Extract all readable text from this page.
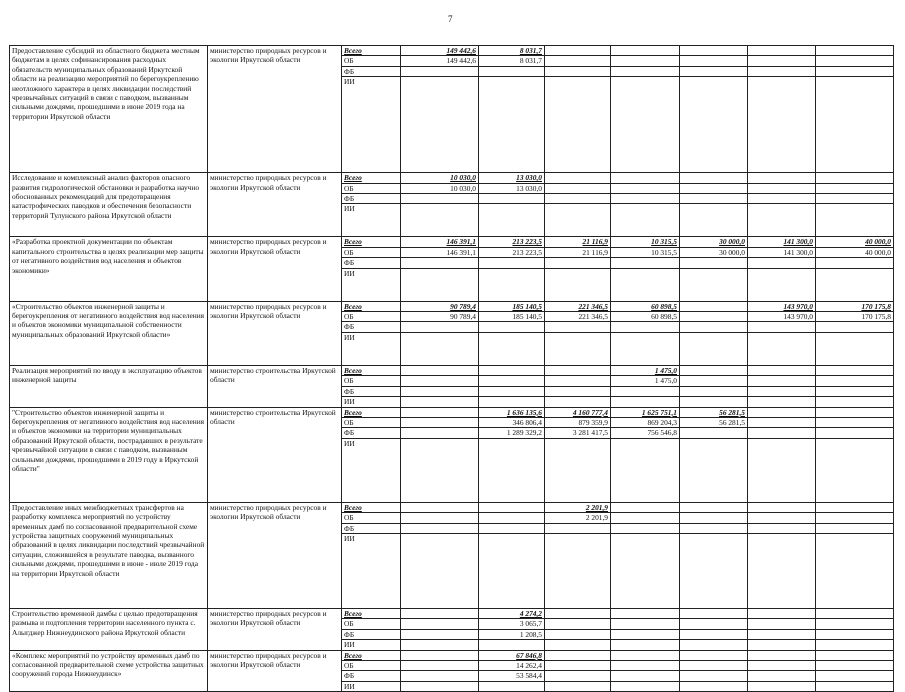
7
Предоставление субсидий из областного бюджета местным бюджетам в целях софинансирования расходных обязательств муниципальных образований Иркутской области на реализацию мероприятий по берегоукреплению неотложного характера в целях ликвидации последствий чрезвычайных ситуаций в связи с паводком, вызванным сильными дождями, прошедшими в июне 2019 года на территории Иркутской области	министерство природных ресурсов и экологии Иркутской области	Всего	149 442,6	8 031,7					
		ОБ	149 442,6	8 031,7					
		ФБ							
		ИИ							
Исследование и комплексный анализ факторов опасного развития гидрологической обстановки и разработка научно обоснованных рекомендаций для предотвращения катастрофических паводков и обеспечения безопасности территорий Тулунского района Иркутской области	министерство природных ресурсов и экологии Иркутской области	Всего	10 030,0	13 030,0					
		ОБ	10 030,0	13 030,0					
		ФБ							
		ИИ							
«Разработка проектной документации по объектам капитального строительства в целях реализации мер защиты от негативного воздействия вод населения и объектов экономики»	министерство природных ресурсов и экологии Иркутской области	Всего	146 391,1	213 223,5	21 116,9	10 315,5	30 000,0	141 300,0	40 000,0
		ОБ	146 391,1	213 223,5	21 116,9	10 315,5	30 000,0	141 300,0	40 000,0
		ФБ							
		ИИ							
«Строительство объектов инженерной защиты и берегоукрепления от негативного воздействия вод населения и объектов экономики муниципальной собственности муниципальных образований Иркутской области»	министерство природных ресурсов и экологии Иркутской области	Всего	90 789,4	185 140,5	221 346,5	60 898,5		143 970,0	170 175,8
		ОБ	90 789,4	185 140,5	221 346,5	60 898,5		143 970,0	170 175,8
		ФБ							
		ИИ							
Реализация мероприятий по вводу в эксплуатацию объектов инженерной защиты	министерство строительства Иркутской области	Всего				1 475,0			
		ОБ				1 475,0			
		ФБ							
		ИИ							
"Строительство объектов инженерной защиты и берегоукрепления от негативного воздействия вод населения и объектов экономики на территории муниципальных образований Иркутской области, пострадавших в результате чрезвычайной ситуации в связи с паводком, вызванным сильными дождями, прошедшими в 2019 году в Иркутской области"	министерство строительства Иркутской области	Всего		1 636 135,6	4 160 777,4	1 625 751,1	56 281,5		
		ОБ		346 806,4	879 359,9	869 204,3	56 281,5		
		ФБ		1 289 329,2	3 281 417,5	756 546,8			
		ИИ							
Предоставление иных межбюджетных трансфертов на разработку комплекса мероприятий по устройству временных дамб по согласованной предварительной схеме устройства защитных сооружений муниципальных образований в целях ликвидации последствий чрезвычайной ситуации, сложившейся в результате паводка, вызванного сильными дождями, прошедшими в июне - июле 2019 года на территории Иркутской области	министерство природных ресурсов и экологии Иркутской области	Всего			2 201,9				
		ОБ			2 201,9				
		ФБ							
		ИИ							
Строительство временной дамбы с целью предотвращения размыва и подтопления территории населенного пункта с. Алыгджер Нижнеудинского района Иркутской области	министерство природных ресурсов и экологии Иркутской области	Всего		4 274,2					
		ОБ		3 065,7					
		ФБ		1 208,5					
		ИИ							
«Комплекс мероприятий по устройству временных дамб по согласованной предварительной схеме устройства защитных сооружений города Нижнеудинск»	министерство природных ресурсов и экологии Иркутской области	Всего		67 846,8					
		ОБ		14 262,4					
		ФБ		53 584,4					
		ИИ							
